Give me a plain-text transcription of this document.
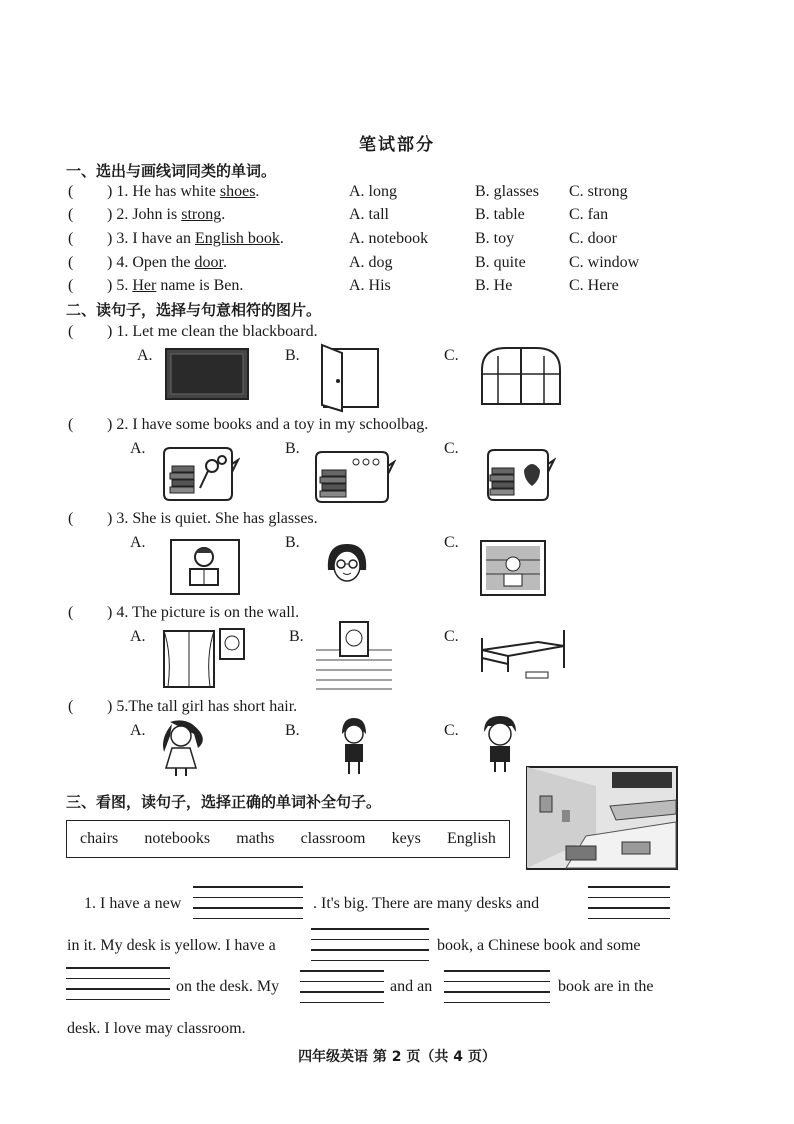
笔试部分
一、选出与画线词同类的单词。
( ) 1. He has white shoes.	A. long	B. glasses C. strong
( ) 2. John is strong.	A. tall	B. table	C. fan
( ) 3. I have an English book.	A. notebook	B. toy	C. door
( ) 4. Open the door.	A. dog	B. quite	C. window
( ) 5. Her name is Ben.	A. His	B. He	C. Here
二、读句子，选择与句意相符的图片。
( ) 1. Let me clean the blackboard.
A.	B.	C.
( ) 2. I have some books and a toy in my schoolbag.
A.	B.	C.
( ) 3. She is quiet. She has glasses.
A.	B.	C.
( ) 4. The picture is on the wall.
A.	B.	C.
( ) 5.The tall girl has short hair.
A.	B.	C.
三、看图，读句子，选择正确的单词补全句子。
chairs notebooks maths classroom keys English
1. I have a new	. It's big. There are many desks and
in it. My desk is yellow. I have a	book, a Chinese book and some
on the desk. My	and an	book are in the
desk. I love may classroom.
四年级英语 第 2 页（共 4 页）
